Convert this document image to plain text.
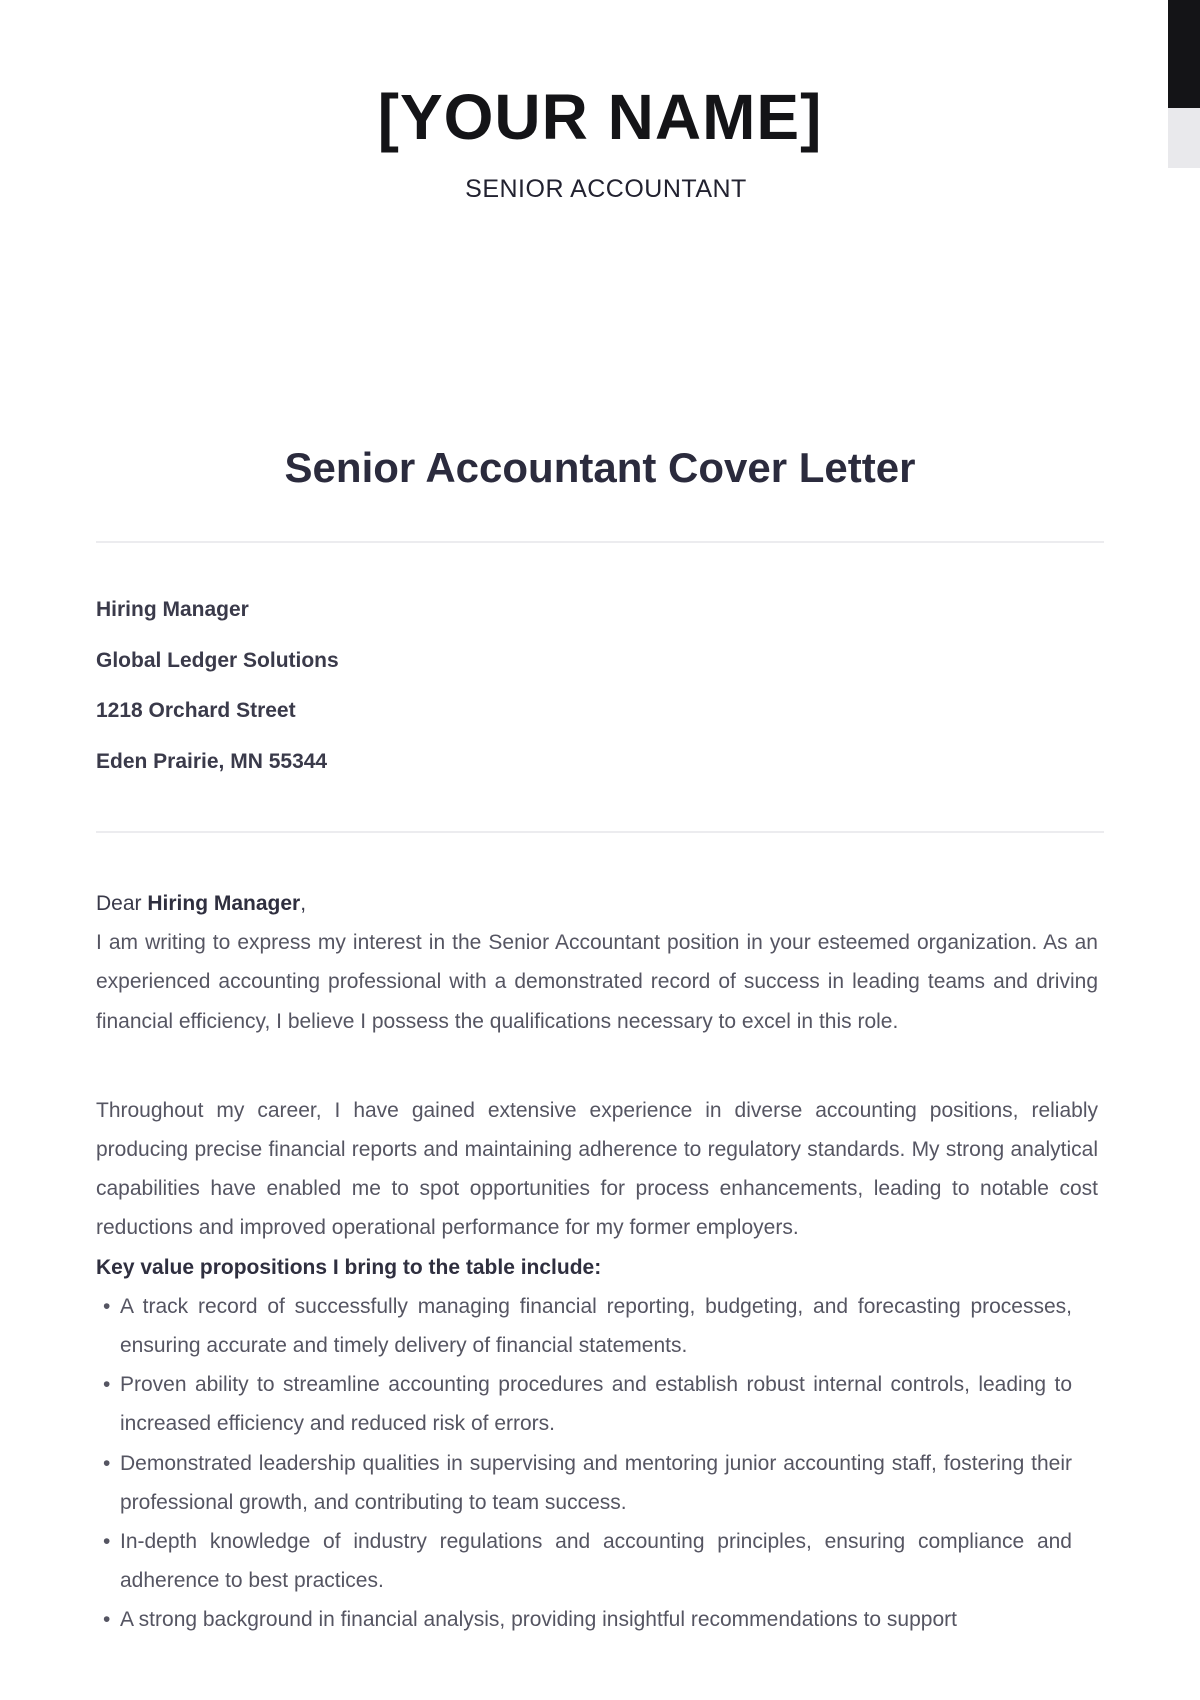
[YOUR NAME]
SENIOR ACCOUNTANT
Senior Accountant Cover Letter
Hiring Manager
Global Ledger Solutions
1218 Orchard Street
Eden Prairie, MN 55344
Dear Hiring Manager,

I am writing to express my interest in the Senior Accountant position in your esteemed organization. As an experienced accounting professional with a demonstrated record of success in leading teams and driving financial efficiency, I believe I possess the qualifications necessary to excel in this role.

Throughout my career, I have gained extensive experience in diverse accounting positions, reliably producing precise financial reports and maintaining adherence to regulatory standards. My strong analytical capabilities have enabled me to spot opportunities for process enhancements, leading to notable cost reductions and improved operational performance for my former employers.

Key value propositions I bring to the table include:

• A track record of successfully managing financial reporting, budgeting, and forecasting processes, ensuring accurate and timely delivery of financial statements.
• Proven ability to streamline accounting procedures and establish robust internal controls, leading to increased efficiency and reduced risk of errors.
• Demonstrated leadership qualities in supervising and mentoring junior accounting staff, fostering their professional growth, and contributing to team success.
• In-depth knowledge of industry regulations and accounting principles, ensuring compliance and adherence to best practices.
• A strong background in financial analysis, providing insightful recommendations to support
